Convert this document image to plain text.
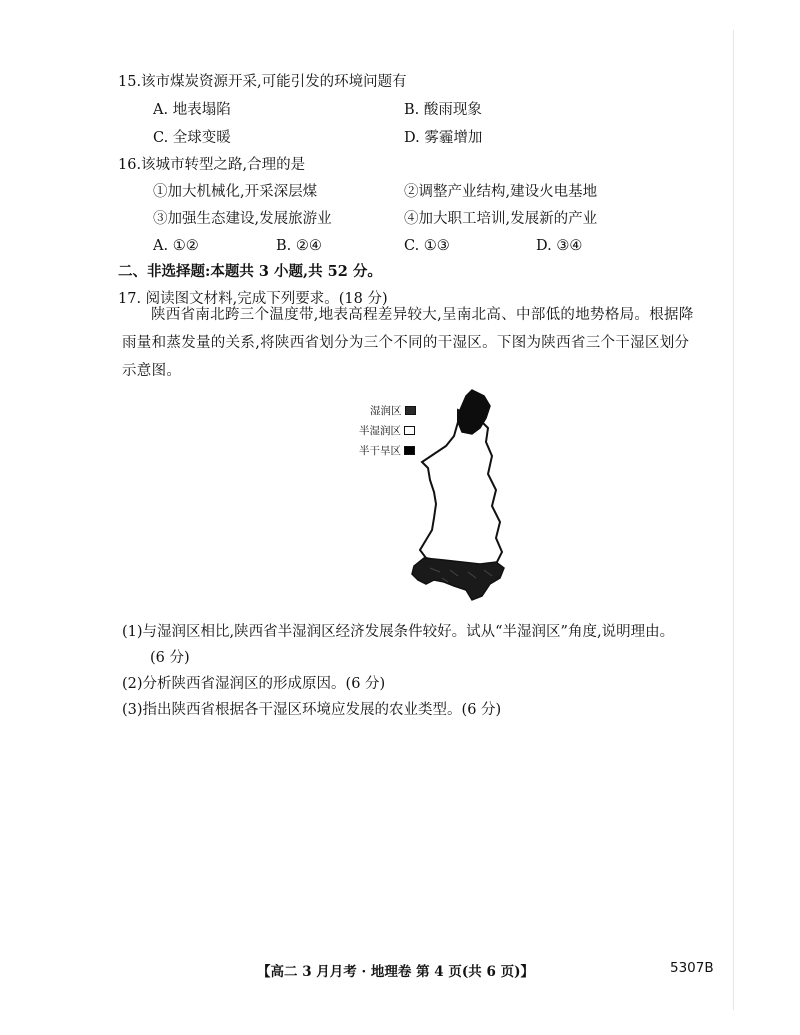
15.该市煤炭资源开采,可能引发的环境问题有
A. 地表塌陷	B. 酸雨现象
C. 全球变暖	D. 雾霾增加
16.该城市转型之路,合理的是
①加大机械化,开采深层煤	②调整产业结构,建设火电基地
③加强生态建设,发展旅游业	④加大职工培训,发展新的产业
A. ①②	B. ②④	C. ①③	D. ③④
二、非选择题:本题共 3 小题,共 52 分。
17. 阅读图文材料,完成下列要求。(18 分)
陕西省南北跨三个温度带,地表高程差异较大,呈南北高、中部低的地势格局。根据降
雨量和蒸发量的关系,将陕西省划分为三个不同的干湿区。下图为陕西省三个干湿区划分
示意图。
湿润区
半湿润区
半干旱区
(1)与湿润区相比,陕西省半湿润区经济发展条件较好。试从“半湿润区”角度,说明理由。
(6 分)
(2)分析陕西省湿润区的形成原因。(6 分)
(3)指出陕西省根据各干湿区环境应发展的农业类型。(6 分)
【高二 3 月月考 · 地理卷 第 4 页(共 6 页)】	5307B
